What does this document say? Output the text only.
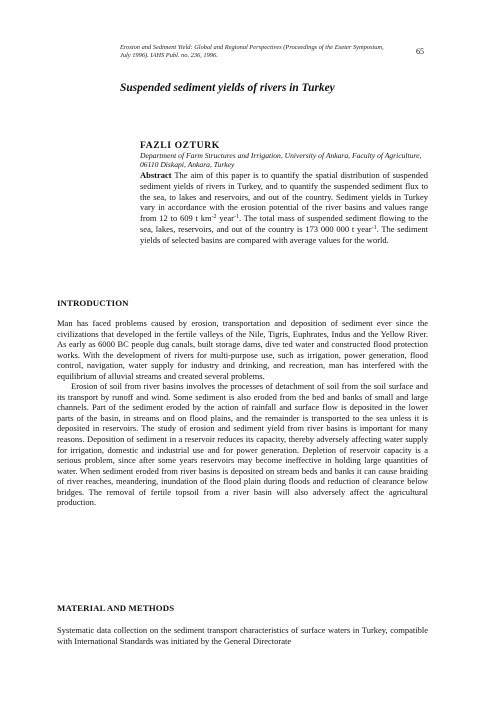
Erosion and Sediment Yield: Global and Regional Perspectives (Proceedings of the Exeter Symposium,
July 1996). IAHS Publ. no. 236, 1996.	65
Suspended sediment yields of rivers in Turkey
FAZLI OZTURK
Department of Farm Structures and Irrigation, University of Ankara, Faculty of Agriculture, 06110 Diskapi, Ankara, Turkey
Abstract The aim of this paper is to quantify the spatial distribution of suspended sediment yields of rivers in Turkey, and to quantify the suspended sediment flux to the sea, to lakes and reservoirs, and out of the country. Sediment yields in Turkey vary in accordance with the erosion potential of the river basins and values range from 12 to 609 t $km^{-2}$ year$^{-1}$. The total mass of suspended sediment flowing to the sea, lakes, reservoirs, and out of the country is 173 000 000 t year$^{-1}$. The sediment yields of selected basins are compared with average values for the world.
INTRODUCTION

Man has faced problems caused by erosion, transportation and deposition of sediment ever since the civilizations that developed in the fertile valleys of the Nile, Tigris, Euphrates, Indus and the Yellow River. As early as 6000 BC people dug canals, built storage dams, dive ted water and constructed flood protection works. With the development of rivers for multi-purpose use, such as irrigation, power generation, flood control, navigation, water supply for industry and drinking, and recreation, man has interfered with the equilibrium of alluvial streams and created several problems.

Erosion of soil from river basins involves the processes of detachment of soil from the soil surface and its transport by runoff and wind. Some sediment is also eroded from the bed and banks of small and large channels. Part of the sediment eroded by the action of rainfall and surface flow is deposited in the lower parts of the basin, in streams and on flood plains, and the remainder is transported to the sea unless it is deposited in reservoirs. The study of erosion and sediment yield from river basins is important for many reasons. Deposition of sediment in a reservoir reduces its capacity, thereby adversely affecting water supply for irrigation, domestic and industrial use and for power generation. Depletion of reservoir capacity is a serious problem, since after some years reservoirs may become ineffective in holding large quantities of water. When sediment eroded from river basins is deposited on stream beds and banks it can cause braiding of river reaches, meandering, inundation of the flood plain during floods and reduction of clearance below bridges. The removal of fertile topsoil from a river basin will also adversely affect the agricultural production.

MATERIAL AND METHODS

Systematic data collection on the sediment transport characteristics of surface waters in Turkey, compatible with International Standards was initiated by the General Directorate
